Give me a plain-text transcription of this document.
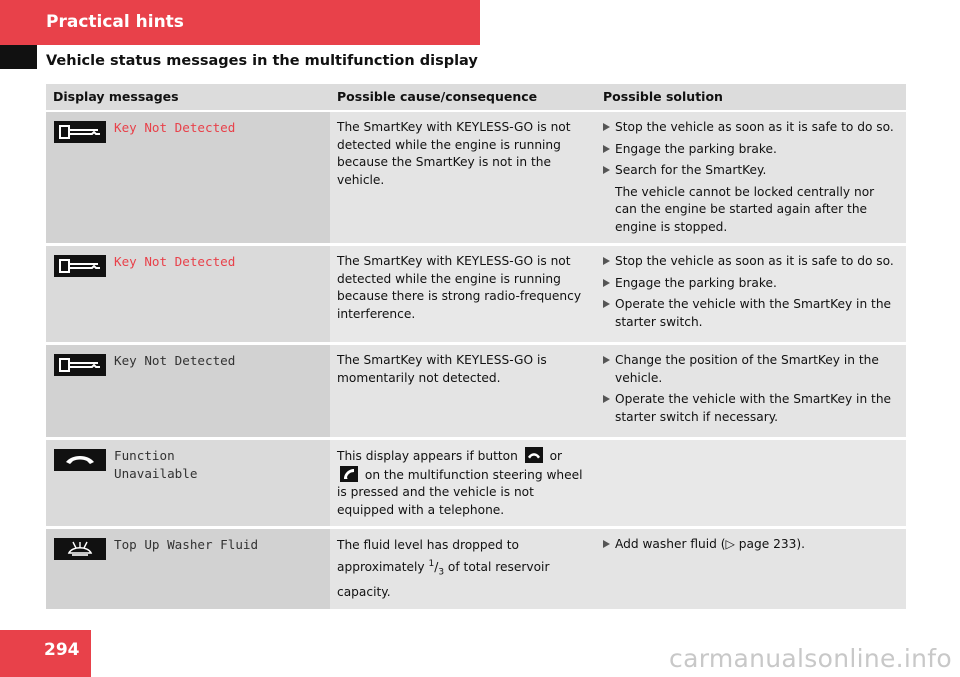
Practical hints
Vehicle status messages in the multifunction display
Display messages		Possible cause/consequence	Possible solution

	Key Not Detected	The SmartKey with KEYLESS-GO is not detected while the engine is running because the SmartKey is not in the vehicle.	Stop the vehicle as soon as it is safe to do so.
Engage the parking brake.
Search for the SmartKey.
The vehicle cannot be locked centrally nor can the engine be started again after the engine is stopped.

	Key Not Detected	The SmartKey with KEYLESS-GO is not detected while the engine is running because there is strong radio-frequency interference.	Stop the vehicle as soon as it is safe to do so.
Engage the parking brake.
Operate the vehicle with the SmartKey in the starter switch.

	Key Not Detected	The SmartKey with KEYLESS-GO is momentarily not detected.	Change the position of the SmartKey in the vehicle.
Operate the vehicle with the SmartKey in the starter switch if necessary.

Function
Unavailable	This display appears if button or  on the multifunction steering wheel is pressed and the vehicle is not equipped with a telephone.	

	Top Up Washer Fluid	The fluid level has dropped to approximately $^1/_3$ of total reservoir capacity.	Add washer fluid (▷ page 233).
294	carmanualsonline.info
